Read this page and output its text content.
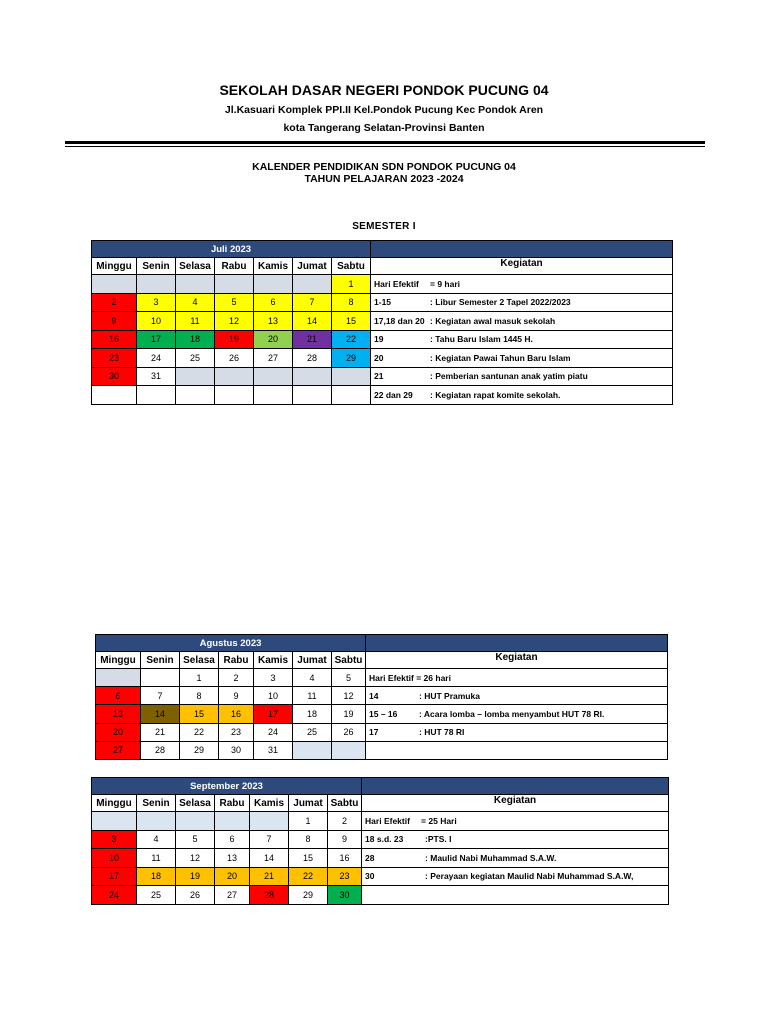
SEKOLAH DASAR NEGERI PONDOK PUCUNG 04
Jl.Kasuari Komplek PPI.II Kel.Pondok Pucung Kec Pondok Aren
kota Tangerang Selatan-Provinsi Banten
KALENDER PENDIDIKAN SDN PONDOK PUCUNG 04
TAHUN PELAJARAN 2023 -2024
SEMESTER I
Juli 2023							
Minggu	Senin	Selasa	Rabu	Kamis	Jumat	Sabtu	Kegiatan
						1	Hari Efektif = 9 hari
2	3	4	5	6	7	8	1-15 : Libur Semester 2 Tapel 2022/2023
9	10	11	12	13	14	15	17,18 dan 20 : Kegiatan awal masuk sekolah
16	17	18	19	20	21	22	19 : Tahu Baru Islam 1445 H.
23	24	25	26	27	28	29	20 : Kegiatan Pawai Tahun Baru Islam
30	31						21 : Pemberian santunan anak yatim piatu
							22 dan 29 : Kegiatan rapat komite sekolah.
Agustus 2023							
Minggu	Senin	Selasa	Rabu	Kamis	Jumat	Sabtu	Kegiatan
		1	2	3	4	5	Hari Efektif = 26 hari
6	7	8	9	10	11	12	14 : HUT Pramuka
13	14	15	16	17	18	19	15 – 16 : Acara lomba – lomba menyambut HUT 78 RI.
20	21	22	23	24	25	26	17 : HUT 78 RI
27	28	29	30	31			
September 2023							
Minggu	Senin	Selasa	Rabu	Kamis	Jumat	Sabtu	Kegiatan
					1	2	Hari Efektif = 25 Hari
3	4	5	6	7	8	9	18 s.d. 23 :PTS. I
10	11	12	13	14	15	16	28 : Maulid Nabi Muhammad S.A.W.
17	18	19	20	21	22	23	30 : Perayaan kegiatan Maulid Nabi Muhammad S.A.W,
24	25	26	27	28	29	30	
